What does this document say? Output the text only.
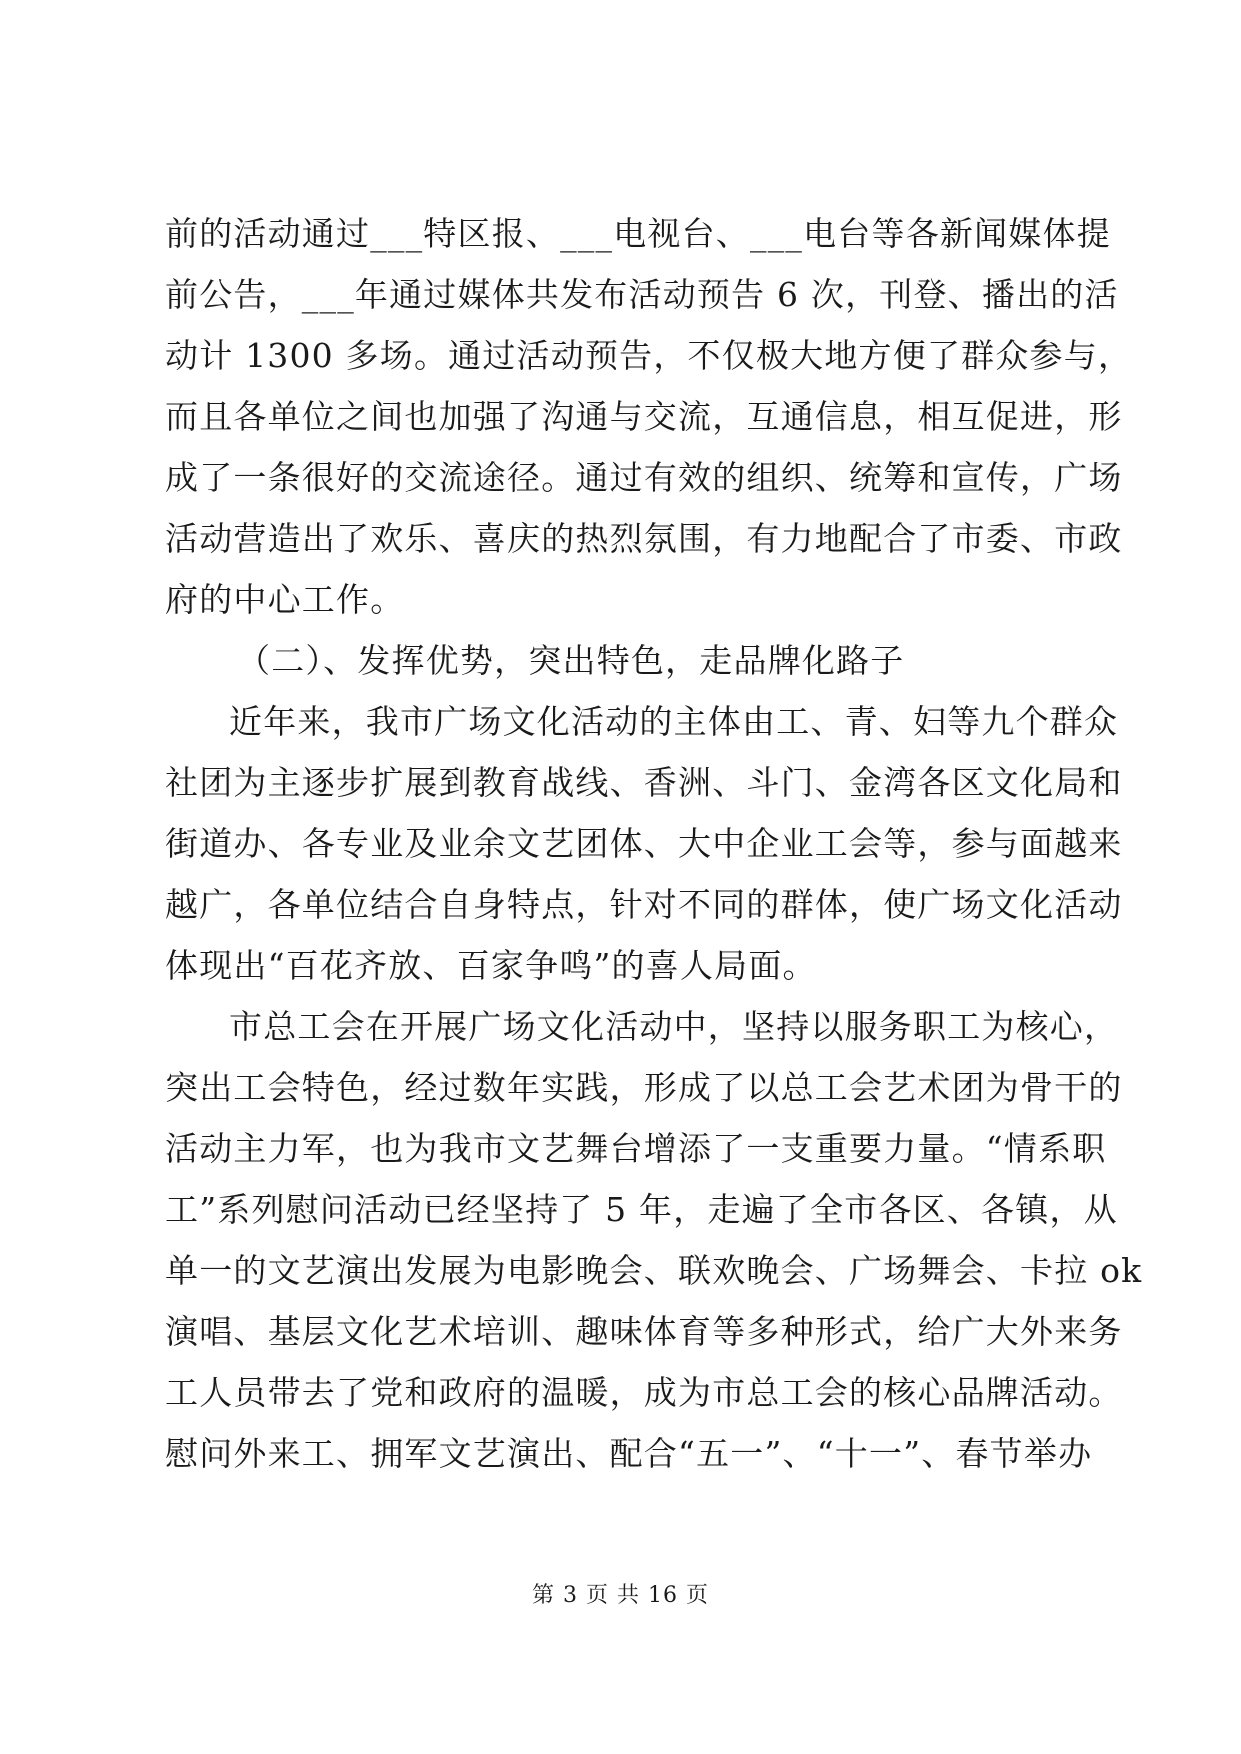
前的活动通过___特区报、___电视台、___电台等各新闻媒体提
前公告，___年通过媒体共发布活动预告 6 次，刊登、播出的活
动计 1300 多场。通过活动预告，不仅极大地方便了群众参与，
而且各单位之间也加强了沟通与交流，互通信息，相互促进，形
成了一条很好的交流途径。通过有效的组织、统筹和宣传，广场
活动营造出了欢乐、喜庆的热烈氛围，有力地配合了市委、市政
府的中心工作。
（二）、发挥优势，突出特色，走品牌化路子
近年来，我市广场文化活动的主体由工、青、妇等九个群众
社团为主逐步扩展到教育战线、香洲、斗门、金湾各区文化局和
街道办、各专业及业余文艺团体、大中企业工会等，参与面越来
越广，各单位结合自身特点，针对不同的群体，使广场文化活动
体现出“百花齐放、百家争鸣”的喜人局面。
市总工会在开展广场文化活动中，坚持以服务职工为核心，
突出工会特色，经过数年实践，形成了以总工会艺术团为骨干的
活动主力军，也为我市文艺舞台增添了一支重要力量。“情系职
工”系列慰问活动已经坚持了 5 年，走遍了全市各区、各镇，从
单一的文艺演出发展为电影晚会、联欢晚会、广场舞会、卡拉 ok
演唱、基层文化艺术培训、趣味体育等多种形式，给广大外来务
工人员带去了党和政府的温暖，成为市总工会的核心品牌活动。
慰问外来工、拥军文艺演出、配合“五一”、“十一”、春节举办
第 3 页 共 16 页
